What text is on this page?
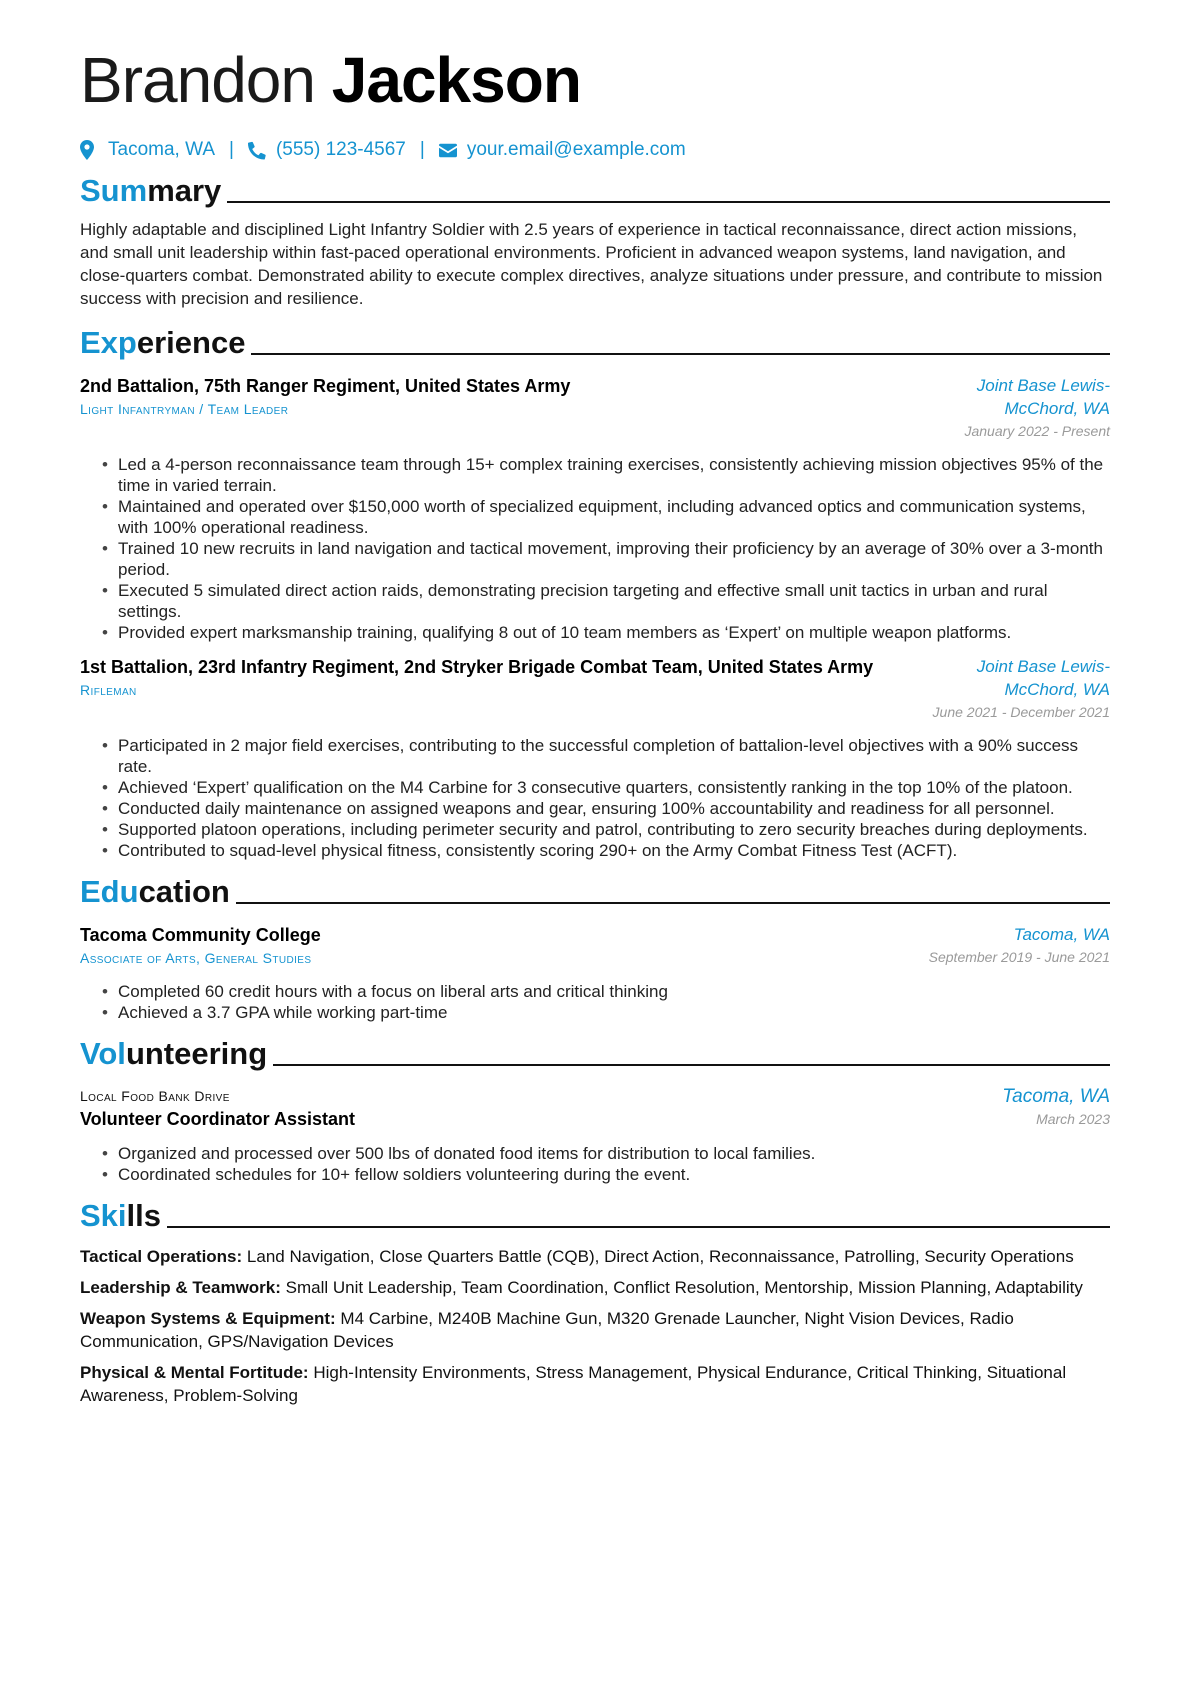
Brandon Jackson
Tacoma, WA | (555) 123-4567 | your.email@example.com
Summary

Highly adaptable and disciplined Light Infantry Soldier with 2.5 years of experience in tactical reconnaissance, direct action missions, and small unit leadership within fast-paced operational environments. Proficient in advanced weapon systems, land navigation, and close-quarters combat. Demonstrated ability to execute complex directives, analyze situations under pressure, and contribute to mission success with precision and resilience.

Experience
2nd Battalion, 75th Ranger Regiment, United States Army
Light Infantryman / Team Leader
Joint Base Lewis-McChord, WA
January 2022 - Present
• Led a 4-person reconnaissance team through 15+ complex training exercises, consistently achieving mission objectives 95% of the time in varied terrain.
• Maintained and operated over $150,000 worth of specialized equipment, including advanced optics and communication systems, with 100% operational readiness.
• Trained 10 new recruits in land navigation and tactical movement, improving their proficiency by an average of 30% over a 3-month period.
• Executed 5 simulated direct action raids, demonstrating precision targeting and effective small unit tactics in urban and rural settings.
• Provided expert marksmanship training, qualifying 8 out of 10 team members as ‘Expert’ on multiple weapon platforms.
1st Battalion, 23rd Infantry Regiment, 2nd Stryker Brigade Combat Team, United States Army
Rifleman
Joint Base Lewis-McChord, WA
June 2021 - December 2021
• Participated in 2 major field exercises, contributing to the successful completion of battalion-level objectives with a 90% success rate.
• Achieved ‘Expert’ qualification on the M4 Carbine for 3 consecutive quarters, consistently ranking in the top 10% of the platoon.
• Conducted daily maintenance on assigned weapons and gear, ensuring 100% accountability and readiness for all personnel.
• Supported platoon operations, including perimeter security and patrol, contributing to zero security breaches during deployments.
• Contributed to squad-level physical fitness, consistently scoring 290+ on the Army Combat Fitness Test (ACFT).
Education
Tacoma Community College
Associate of Arts, General Studies
Tacoma, WA
September 2019 - June 2021
• Completed 60 credit hours with a focus on liberal arts and critical thinking
• Achieved a 3.7 GPA while working part-time
Volunteering
Local Food Bank Drive
Volunteer Coordinator Assistant
Tacoma, WA
March 2023
• Organized and processed over 500 lbs of donated food items for distribution to local families.
• Coordinated schedules for 10+ fellow soldiers volunteering during the event.
Skills

Tactical Operations: Land Navigation, Close Quarters Battle (CQB), Direct Action, Reconnaissance, Patrolling, Security Operations

Leadership & Teamwork: Small Unit Leadership, Team Coordination, Conflict Resolution, Mentorship, Mission Planning, Adaptability

Weapon Systems & Equipment: M4 Carbine, M240B Machine Gun, M320 Grenade Launcher, Night Vision Devices, Radio Communication, GPS/Navigation Devices

Physical & Mental Fortitude: High-Intensity Environments, Stress Management, Physical Endurance, Critical Thinking, Situational Awareness, Problem-Solving
